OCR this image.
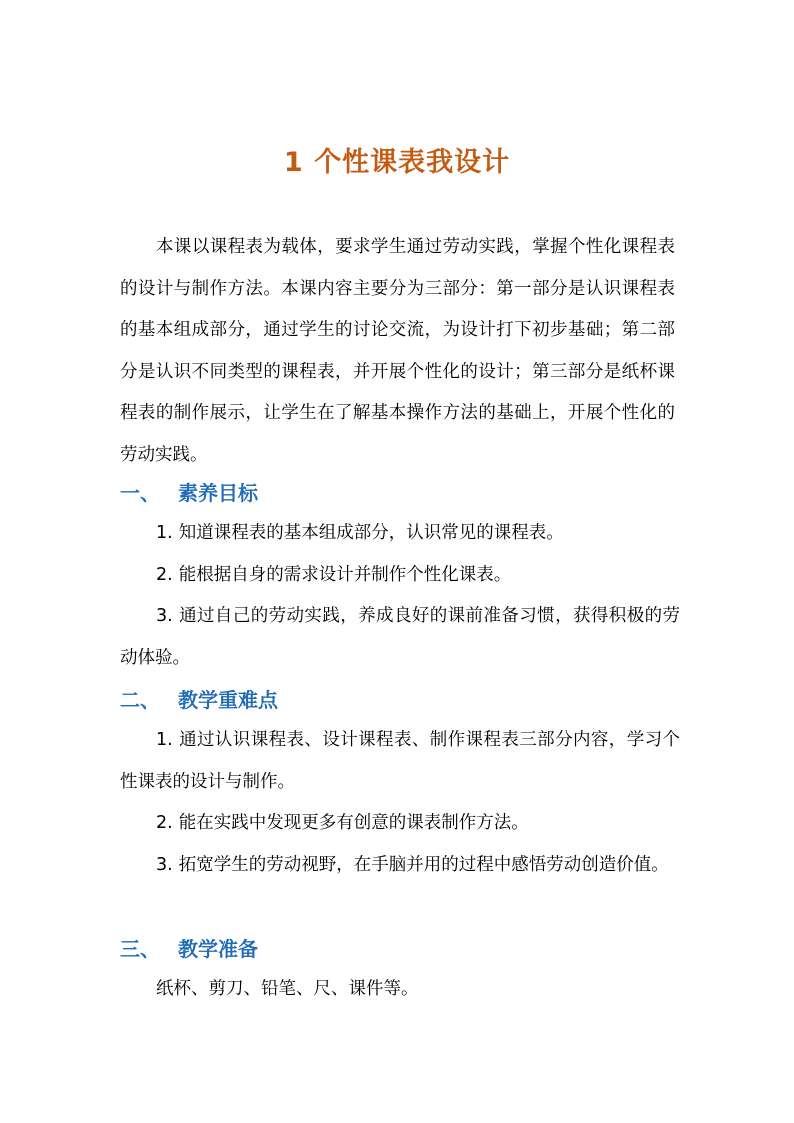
1 个性课表我设计

本课以课程表为载体，要求学生通过劳动实践，掌握个性化课程表的设计与制作方法。本课内容主要分为三部分：第一部分是认识课程表的基本组成部分，通过学生的讨论交流，为设计打下初步基础；第二部分是认识不同类型的课程表，并开展个性化的设计；第三部分是纸杯课程表的制作展示，让学生在了解基本操作方法的基础上，开展个性化的劳动实践。

一、 素养目标

1. 知道课程表的基本组成部分，认识常见的课程表。

2. 能根据自身的需求设计并制作个性化课表。

3. 通过自己的劳动实践，养成良好的课前准备习惯，获得积极的劳动体验。

二、 教学重难点

1. 通过认识课程表、设计课程表、制作课程表三部分内容，学习个性课表的设计与制作。

2. 能在实践中发现更多有创意的课表制作方法。

3. 拓宽学生的劳动视野，在手脑并用的过程中感悟劳动创造价值。

三、 教学准备

纸杯、剪刀、铅笔、尺、课件等。
